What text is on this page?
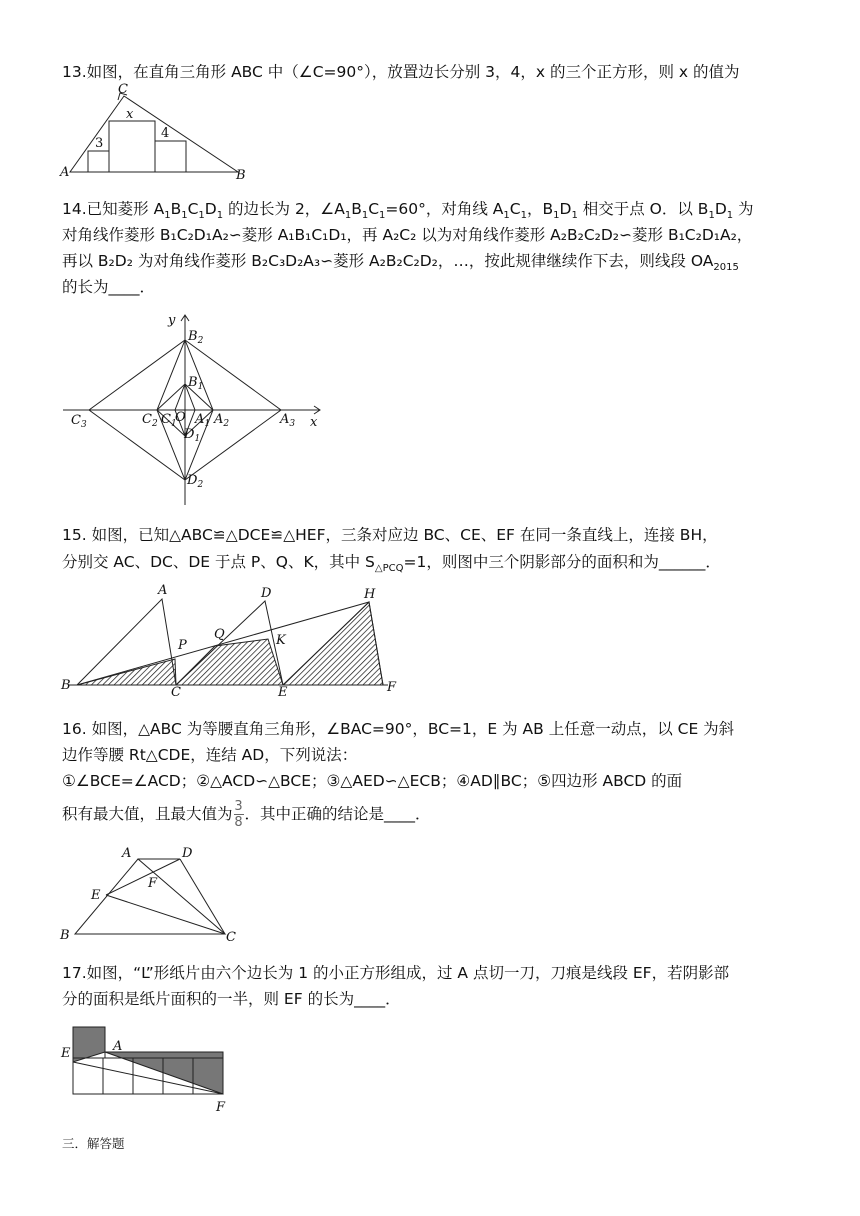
13.如图，在直角三角形 ABC 中（∠C=90°），放置边长分别 3，4，x 的三个正方形，则 x 的值为

A	B
C
x
3
4

14.已知菱形 $A_1B_1C_1D_1$ 的边长为 2，$\angle A_1B_1C_1=60^\circ$，对角线 $A_1C_1$，$B_1D_1$ 相交于点 O．以 $B_1D_1$ 为

对角线作菱形 B₁C₂D₁A₂∽菱形 A₁B₁C₁D₁，再 A₂C₂ 以为对角线作菱形 A₂B₂C₂D₂∽菱形 B₁C₂D₁A₂，

再以 B₂D₂ 为对角线作菱形 B₂C₃D₂A₃∽菱形 A₂B₂C₂D₂，…，按此规律继续作下去，则线段 $OA_{2015}$

的长为____．

y
x
$B_2$
$B_1$
$C_3$	$C_2$ $C_1$
O $A_1$ $A_2$	$A_3$
$D_1$
$D_2$

15. 如图，已知△ABC≌△DCE≌△HEF，三条对应边 BC、CE、EF 在同一条直线上，连接 BH，

分别交 AC、DC、DE 于点 P、Q、K，其中 $S_{\triangle PCQ}=1$，则图中三个阴影部分的面积和为______．

B
A
C
D
E	F
H
P
Q	K

16. 如图，△ABC 为等腰直角三角形，∠BAC=90°，BC=1，E 为 AB 上任意一动点，以 CE 为斜

边作等腰 Rt△CDE，连结 AD，下列说法：

①∠BCE=∠ACD；②△ACD∽△BCE；③△AED∽△ECB；④AD∥BC；⑤四边形 ABCD 的面

积有最大值，且最大值为 $\frac{3}{8}$ ．其中正确的结论是____．

A	D
F
E
B	C

17.如图，“L”形纸片由六个边长为 1 的小正方形组成，过 A 点切一刀，刀痕是线段 EF，若阴影部

分的面积是纸片面积的一半，则 EF 的长为____．

E	A
F

三．解答题
